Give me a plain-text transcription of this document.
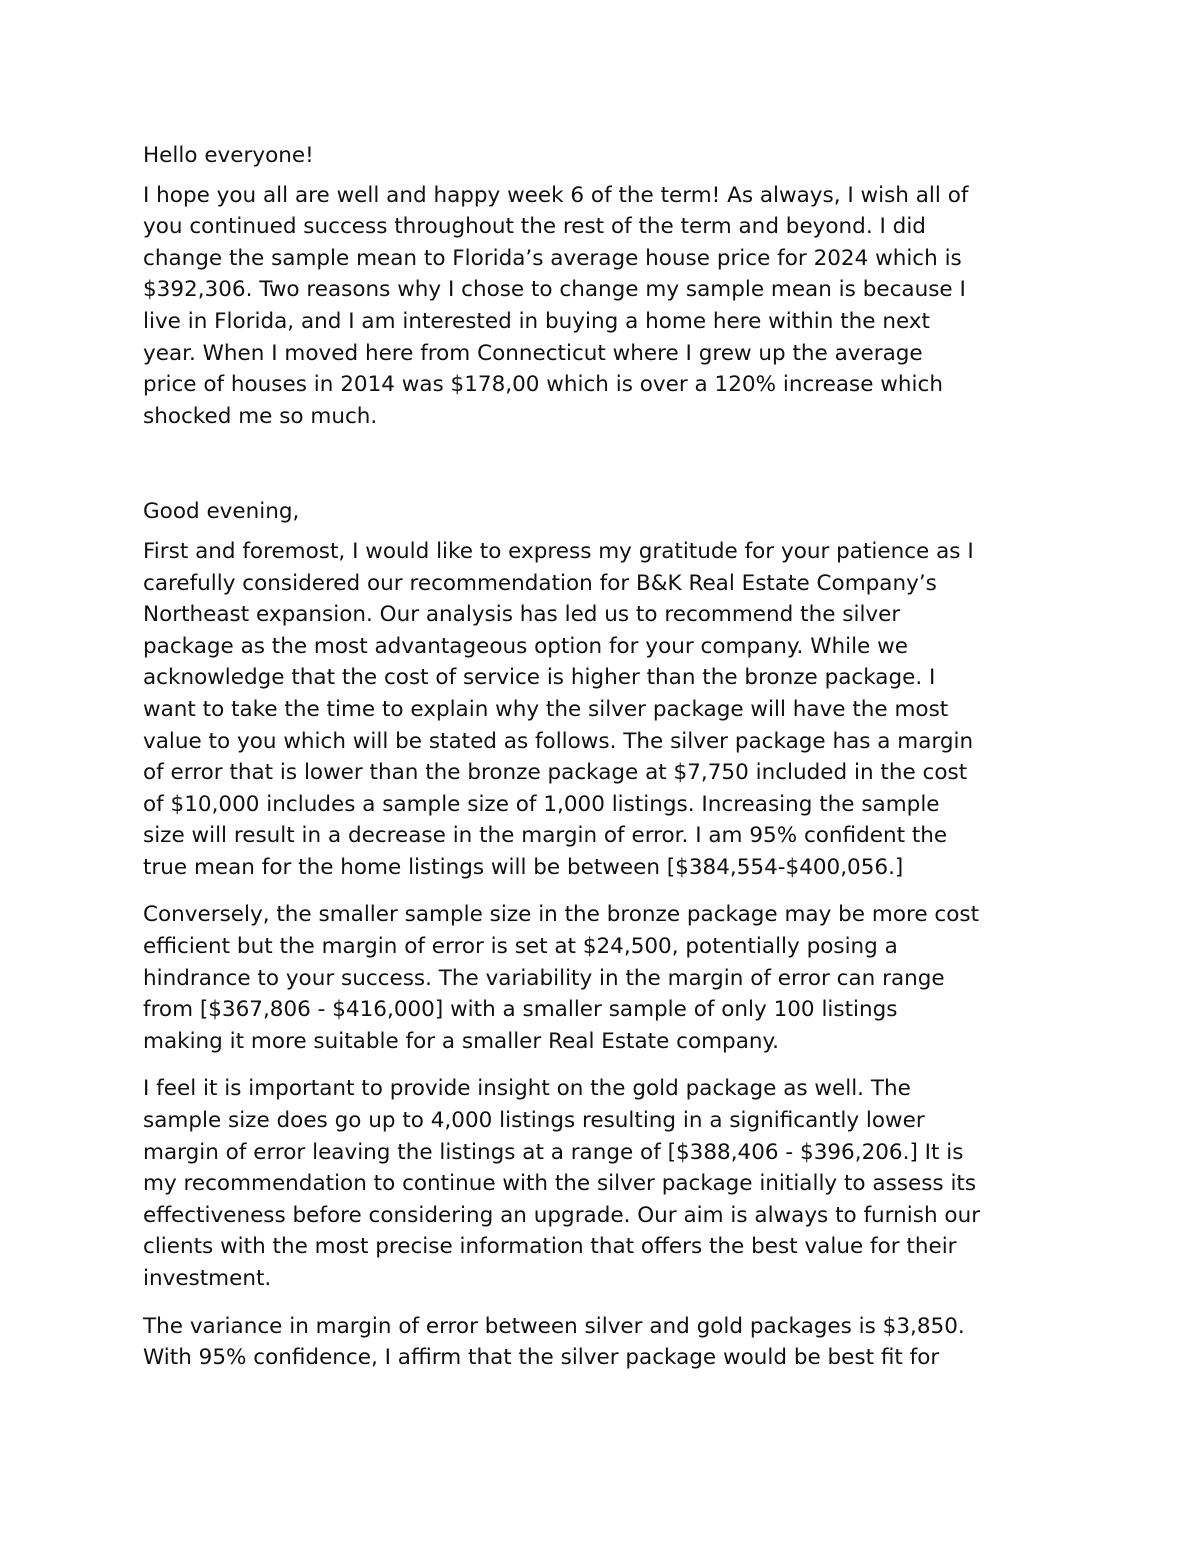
Hello everyone!

I hope you all are well and happy week 6 of the term! As always, I wish all of
you continued success throughout the rest of the term and beyond. I did
change the sample mean to Florida’s average house price for 2024 which is
$392,306. Two reasons why I chose to change my sample mean is because I
live in Florida, and I am interested in buying a home here within the next
year. When I moved here from Connecticut where I grew up the average
price of houses in 2014 was $178,00 which is over a 120% increase which
shocked me so much.

Good evening,

First and foremost, I would like to express my gratitude for your patience as I
carefully considered our recommendation for B&K Real Estate Company’s
Northeast expansion. Our analysis has led us to recommend the silver
package as the most advantageous option for your company. While we
acknowledge that the cost of service is higher than the bronze package. I
want to take the time to explain why the silver package will have the most
value to you which will be stated as follows. The silver package has a margin
of error that is lower than the bronze package at $7,750 included in the cost
of $10,000 includes a sample size of 1,000 listings. Increasing the sample
size will result in a decrease in the margin of error. I am 95% confident the
true mean for the home listings will be between [$384,554-$400,056.]

Conversely, the smaller sample size in the bronze package may be more cost
efficient but the margin of error is set at $24,500, potentially posing a
hindrance to your success. The variability in the margin of error can range
from [$367,806 - $416,000] with a smaller sample of only 100 listings
making it more suitable for a smaller Real Estate company.

I feel it is important to provide insight on the gold package as well. The
sample size does go up to 4,000 listings resulting in a significantly lower
margin of error leaving the listings at a range of [$388,406 - $396,206.] It is
my recommendation to continue with the silver package initially to assess its
effectiveness before considering an upgrade. Our aim is always to furnish our
clients with the most precise information that offers the best value for their
investment.

The variance in margin of error between silver and gold packages is $3,850.
With 95% confidence, I affirm that the silver package would be best fit for
